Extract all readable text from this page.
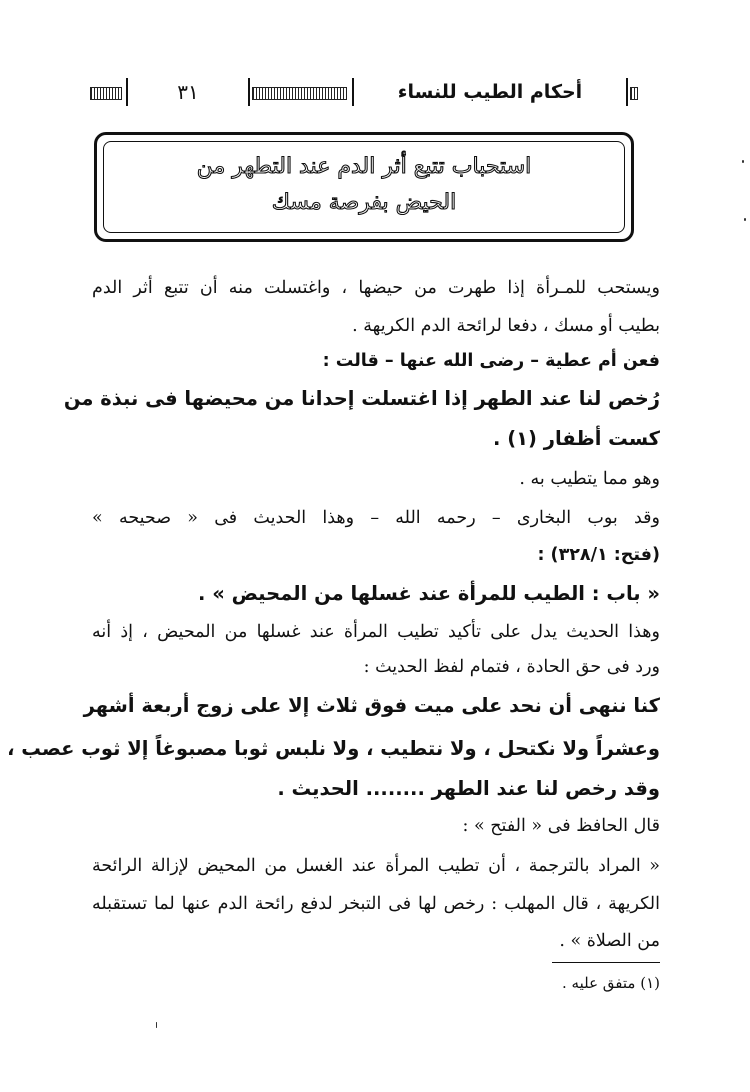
أحكام الطيب للنساء
٣١
استحباب تتبع أثر الدم عند التطهر من
الحيض بفرصة مسك
ويستحب للمـرأة إذا طهرت من حيضها ، واغتسلت منه أن تتبع أثر الدم
بطيب أو مسك ، دفعا لرائحة الدم الكريهة .
فعن أم عطية – رضى الله عنها – قالت :
رُخص لنا عند الطهر إذا اغتسلت إحدانا من محيضها فى نبذة من
كست أظفار (١) .
وهو مما يتطيب به .
وقد بوب البخارى – رحمه الله – وهذا الحديث فى « صحيحه »
(فتح: ٣٢٨/١) :
« باب : الطيب للمرأة عند غسلها من المحيض » .
وهذا الحديث يدل على تأكيد تطيب المرأة عند غسلها من المحيض ، إذ أنه
ورد فى حق الحادة ، فتمام لفظ الحديث :
كنا ننهى أن نحد على ميت فوق ثلاث إلا على زوج أربعة أشهر
وعشراً ولا نكتحل ، ولا نتطيب ، ولا نلبس ثوبا مصبوغاً إلا ثوب عصب ،
وقد رخص لنا عند الطهر ........ الحديث .
قال الحافظ فى « الفتح » :
« المراد بالترجمة ، أن تطيب المرأة عند الغسل من المحيض لإزالة الرائحة
الكريهة ، قال المهلب : رخص لها فى التبخر لدفع رائحة الدم عنها لما تستقبله
من الصلاة » .
(١) متفق عليه .
